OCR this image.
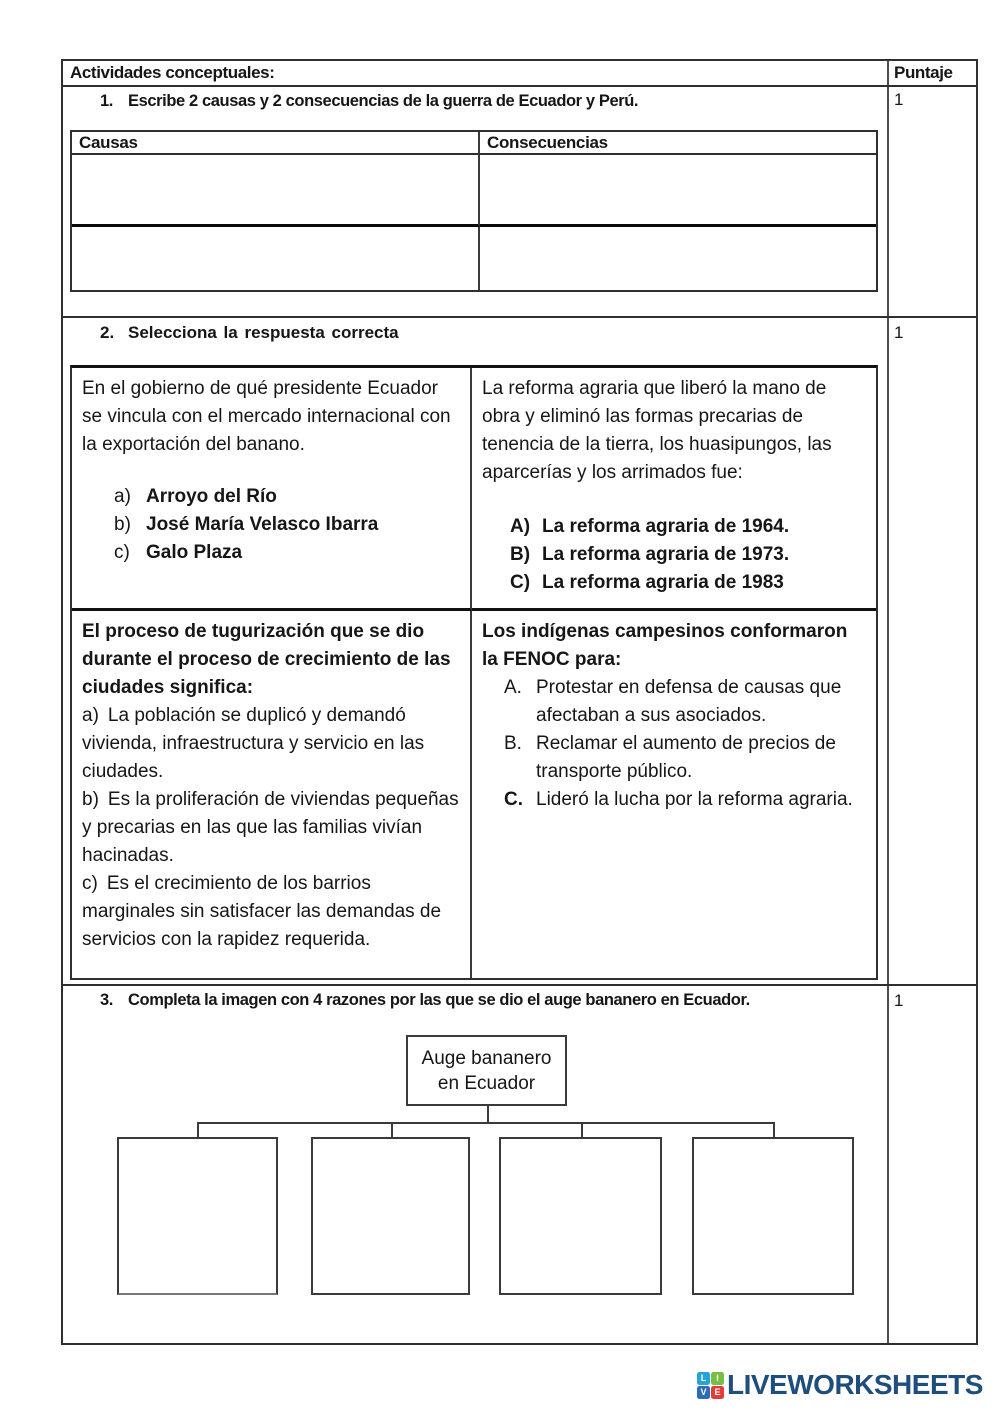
Actividades conceptuales:	Puntaje
1. Escribe 2 causas y 2 consecuencias de la guerra de Ecuador y Perú.	1
Causas	Consecuencias
2. Selecciona la respuesta correcta	1

En el gobierno de qué presidente Ecuador se vincula con el mercado internacional con la exportación del banano.

a) Arroyo del Río
b) José María Velasco Ibarra
c) Galo Plaza

La reforma agraria que liberó la mano de obra y eliminó las formas precarias de tenencia de la tierra, los huasipungos, las aparcerías y los arrimados fue:

A) La reforma agraria de 1964.
B) La reforma agraria de 1973.
C) La reforma agraria de 1983

El proceso de tugurización que se dio durante el proceso de crecimiento de las ciudades significa:

a) La población se duplicó y demandó vivienda, infraestructura y servicio en las ciudades.

b) Es la proliferación de viviendas pequeñas y precarias en las que las familias vivían hacinadas.

c) Es el crecimiento de los barrios marginales sin satisfacer las demandas de servicios con la rapidez requerida.

Los indígenas campesinos conformaron la FENOC para:

A. Protestar en defensa de causas que afectaban a sus asociados.
B. Reclamar el aumento de precios de transporte público.
C. Lideró la lucha por la reforma agraria.
3. Completa la imagen con 4 razones por las que se dio el auge bananero en Ecuador.	1
Auge bananero en Ecuador
L	I
V E LIVEWORKSHEETS
